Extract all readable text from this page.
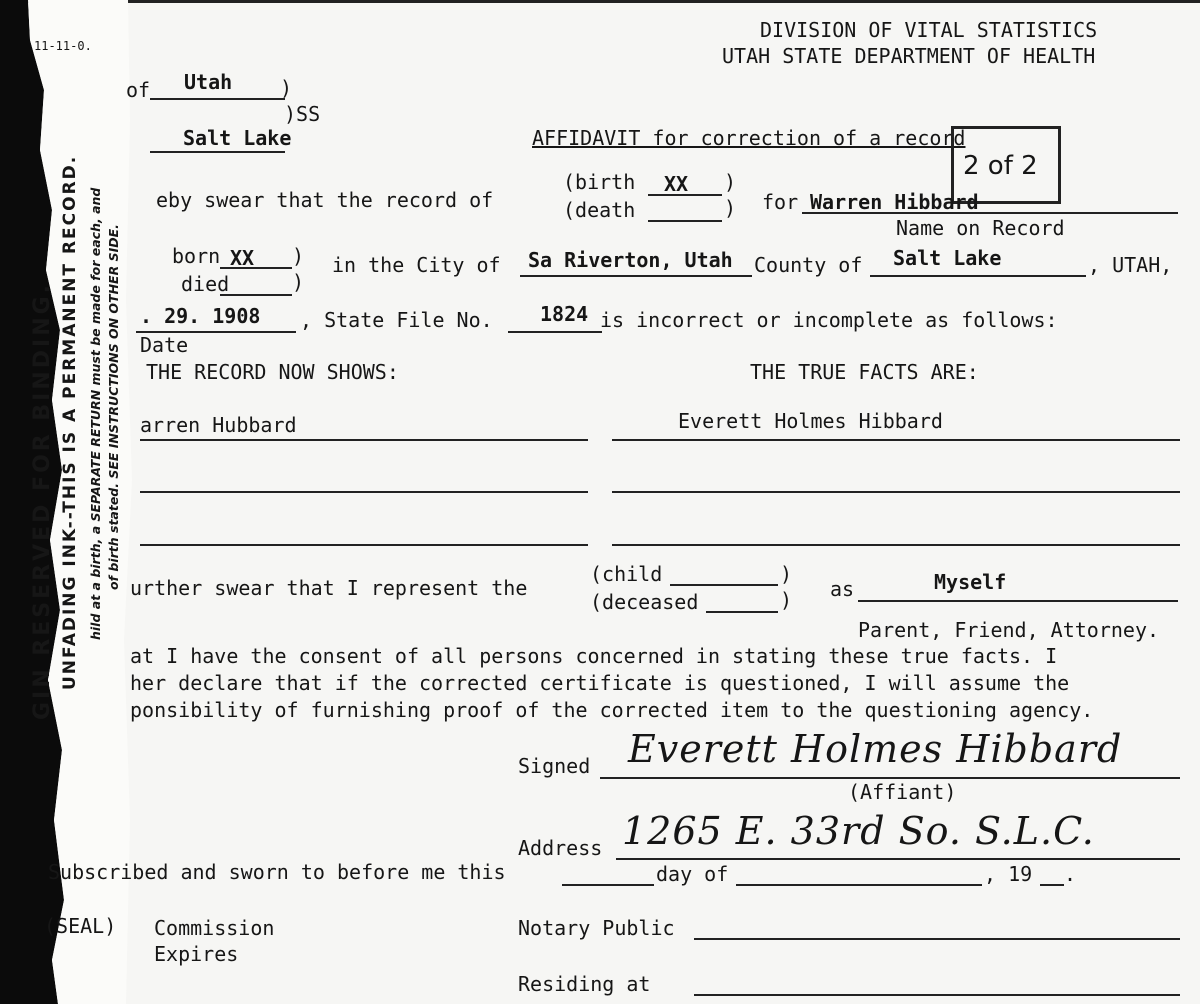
11-11-0.
GIN RESERVED FOR BINDING. UNFADING INK--THIS IS A PERMANENT RECORD. hild at a birth, a SEPARATE RETURN must be made for each, and of birth stated. SEE INSTRUCTIONS ON OTHER SIDE.
DIVISION OF VITAL STATISTICS
UTAH STATE DEPARTMENT OF HEALTH
of Utah )
)SS
Salt Lake	AFFIDAVIT for correction of a record
2 of 2
eby swear that the record of
(birth XX )
(death	) for Warren Hibbard
Name on Record
born XX )
died	)
in the City of Sa Riverton, Utah County of Salt Lake	, UTAH,
. 29. 1908
Date
, State File No. 1824 is incorrect or incomplete as follows:
THE RECORD NOW SHOWS:	THE TRUE FACTS ARE:
arren Hubbard	Everett Holmes Hibbard
urther swear that I represent the
(child	)
(deceased	) as	Myself
Parent, Friend, Attorney.
at I have the consent of all persons concerned in stating these true facts. I
her declare that if the corrected certificate is questioned, I will assume the
ponsibility of furnishing proof of the corrected item to the questioning agency.
Signed Everett Holmes Hibbard
(Affiant)
Address 1265 E. 33rd So. S.L.C.
Subscribed and sworn to before me this	day of	, 19 .
(SEAL) Commission
Expires
Notary Public
Residing at
